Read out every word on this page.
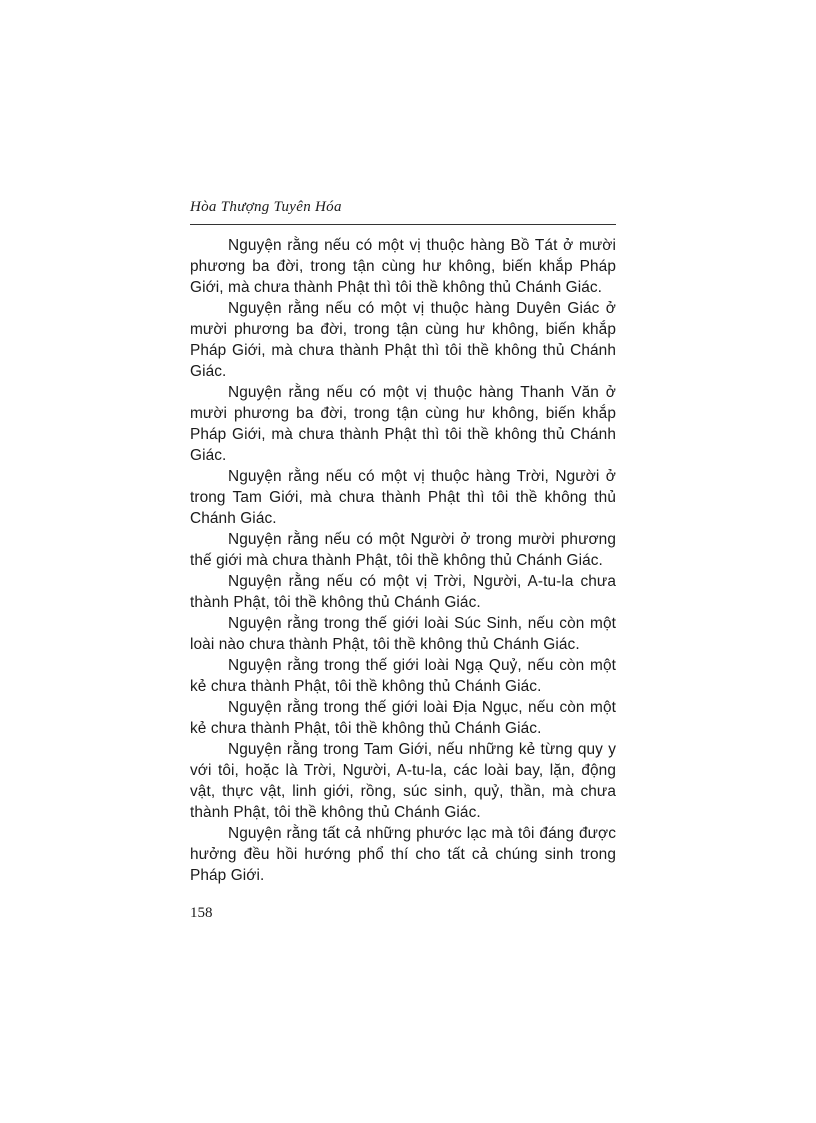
Hòa Thượng Tuyên Hóa

Nguyện rằng nếu có một vị thuộc hàng Bồ Tát ở mười phương ba đời, trong tận cùng hư không, biến khắp Pháp Giới, mà chưa thành Phật thì tôi thề không thủ Chánh Giác.

Nguyện rằng nếu có một vị thuộc hàng Duyên Giác ở mười phương ba đời, trong tận cùng hư không, biến khắp Pháp Giới, mà chưa thành Phật thì tôi thề không thủ Chánh Giác.

Nguyện rằng nếu có một vị thuộc hàng Thanh Văn ở mười phương ba đời, trong tận cùng hư không, biến khắp Pháp Giới, mà chưa thành Phật thì tôi thề không thủ Chánh Giác.

Nguyện rằng nếu có một vị thuộc hàng Trời, Người ở trong Tam Giới, mà chưa thành Phật thì tôi thề không thủ Chánh Giác.

Nguyện rằng nếu có một Người ở trong mười phương thế giới mà chưa thành Phật, tôi thề không thủ Chánh Giác.

Nguyện rằng nếu có một vị Trời, Người, A-tu-la chưa thành Phật, tôi thề không thủ Chánh Giác.

Nguyện rằng trong thế giới loài Súc Sinh, nếu còn một loài nào chưa thành Phật, tôi thề không thủ Chánh Giác.

Nguyện rằng trong thế giới loài Ngạ Quỷ, nếu còn một kẻ chưa thành Phật, tôi thề không thủ Chánh Giác.

Nguyện rằng trong thế giới loài Địa Ngục, nếu còn một kẻ chưa thành Phật, tôi thề không thủ Chánh Giác.

Nguyện rằng trong Tam Giới, nếu những kẻ từng quy y với tôi, hoặc là Trời, Người, A-tu-la, các loài bay, lặn, động vật, thực vật, linh giới, rồng, súc sinh, quỷ, thần, mà chưa thành Phật, tôi thề không thủ Chánh Giác.

Nguyện rằng tất cả những phước lạc mà tôi đáng được hưởng đều hồi hướng phổ thí cho tất cả chúng sinh trong Pháp Giới.

158
